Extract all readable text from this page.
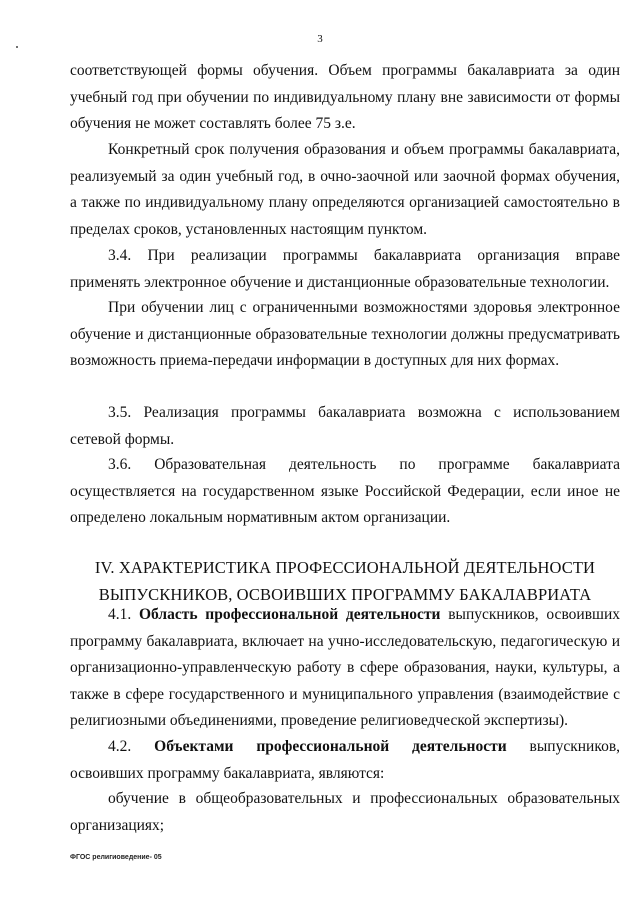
3

соответствующей формы обучения. Объем программы бакалавриата за один учебный год при обучении по индивидуальному плану вне зависимости от формы обучения не может составлять более 75 з.е.

Конкретный срок получения образования и объем программы бакалавриата, реализуемый за один учебный год, в очно-заочной или заочной формах обучения, а также по индивидуальному плану определяются организацией самостоятельно в пределах сроков, установленных настоящим пунктом.

3.4. При реализации программы бакалавриата организация вправе применять электронное обучение и дистанционные образовательные технологии.

При обучении лиц с ограниченными возможностями здоровья электронное обучение и дистанционные образовательные технологии должны предусматривать возможность приема-передачи информации в доступных для них формах.

3.5. Реализация программы бакалавриата возможна с использованием сетевой формы.

3.6. Образовательная деятельность по программе бакалавриата осуществляется на государственном языке Российской Федерации, если иное не определено локальным нормативным актом организации.

IV. ХАРАКТЕРИСТИКА ПРОФЕССИОНАЛЬНОЙ ДЕЯТЕЛЬНОСТИ
ВЫПУСКНИКОВ, ОСВОИВШИХ ПРОГРАММУ БАКАЛАВРИАТА

4.1. Область профессиональной деятельности выпускников, освоивших программу бакалавриата, включает на учно-исследовательскую, педагогическую и организационно-управленческую работу в сфере образования, науки, культуры, а также в сфере государственного и муниципального управления (взаимодействие с религиозными объединениями, проведение религиоведческой экспертизы).

4.2. Объектами профессиональной деятельности выпускников, освоивших программу бакалавриата, являются:

обучение в общеобразовательных и профессиональных образовательных организациях;

ФГОС религиоведение- 05
